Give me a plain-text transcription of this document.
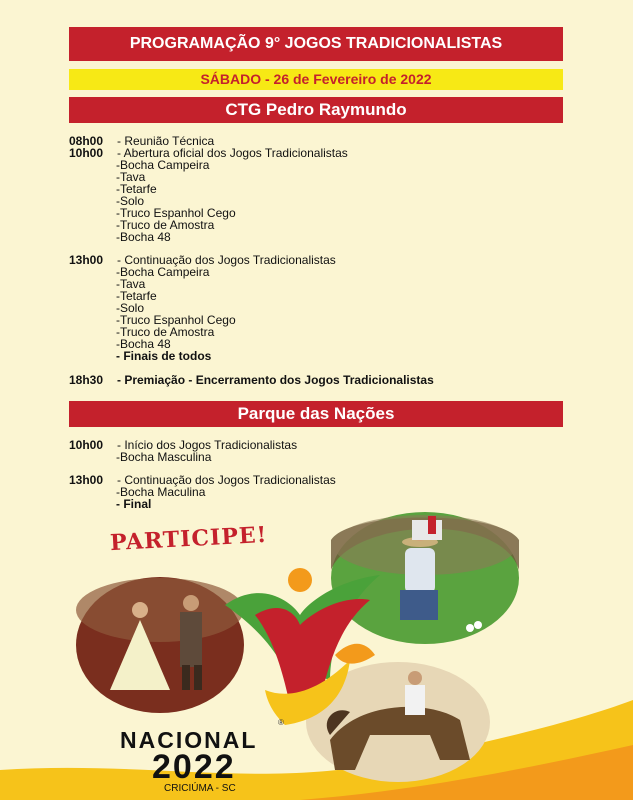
PROGRAMAÇÃO 9° JOGOS TRADICIONALISTAS
SÁBADO - 26 de Fevereiro de 2022
CTG Pedro Raymundo
08h00 - Reunião Técnica
10h00 - Abertura oficial dos Jogos Tradicionalistas
-Bocha Campeira
-Tava
-Tetarfe
-Solo
-Truco Espanhol Cego
-Truco de Amostra
-Bocha 48
13h00 - Continuação dos Jogos Tradicionalistas
-Bocha Campeira
-Tava
-Tetarfe
-Solo
-Truco Espanhol Cego
-Truco de Amostra
-Bocha 48
- Finais de todos
18h30 - Premiação - Encerramento dos Jogos Tradicionalistas
Parque das Nações
10h00 - Início dos Jogos Tradicionalistas
-Bocha Masculina
13h00 - Continuação dos Jogos Tradicionalistas
-Bocha Maculina
- Final
PARTICIPE!
®
NACIONAL
2022
CRICIÚMA - SC
